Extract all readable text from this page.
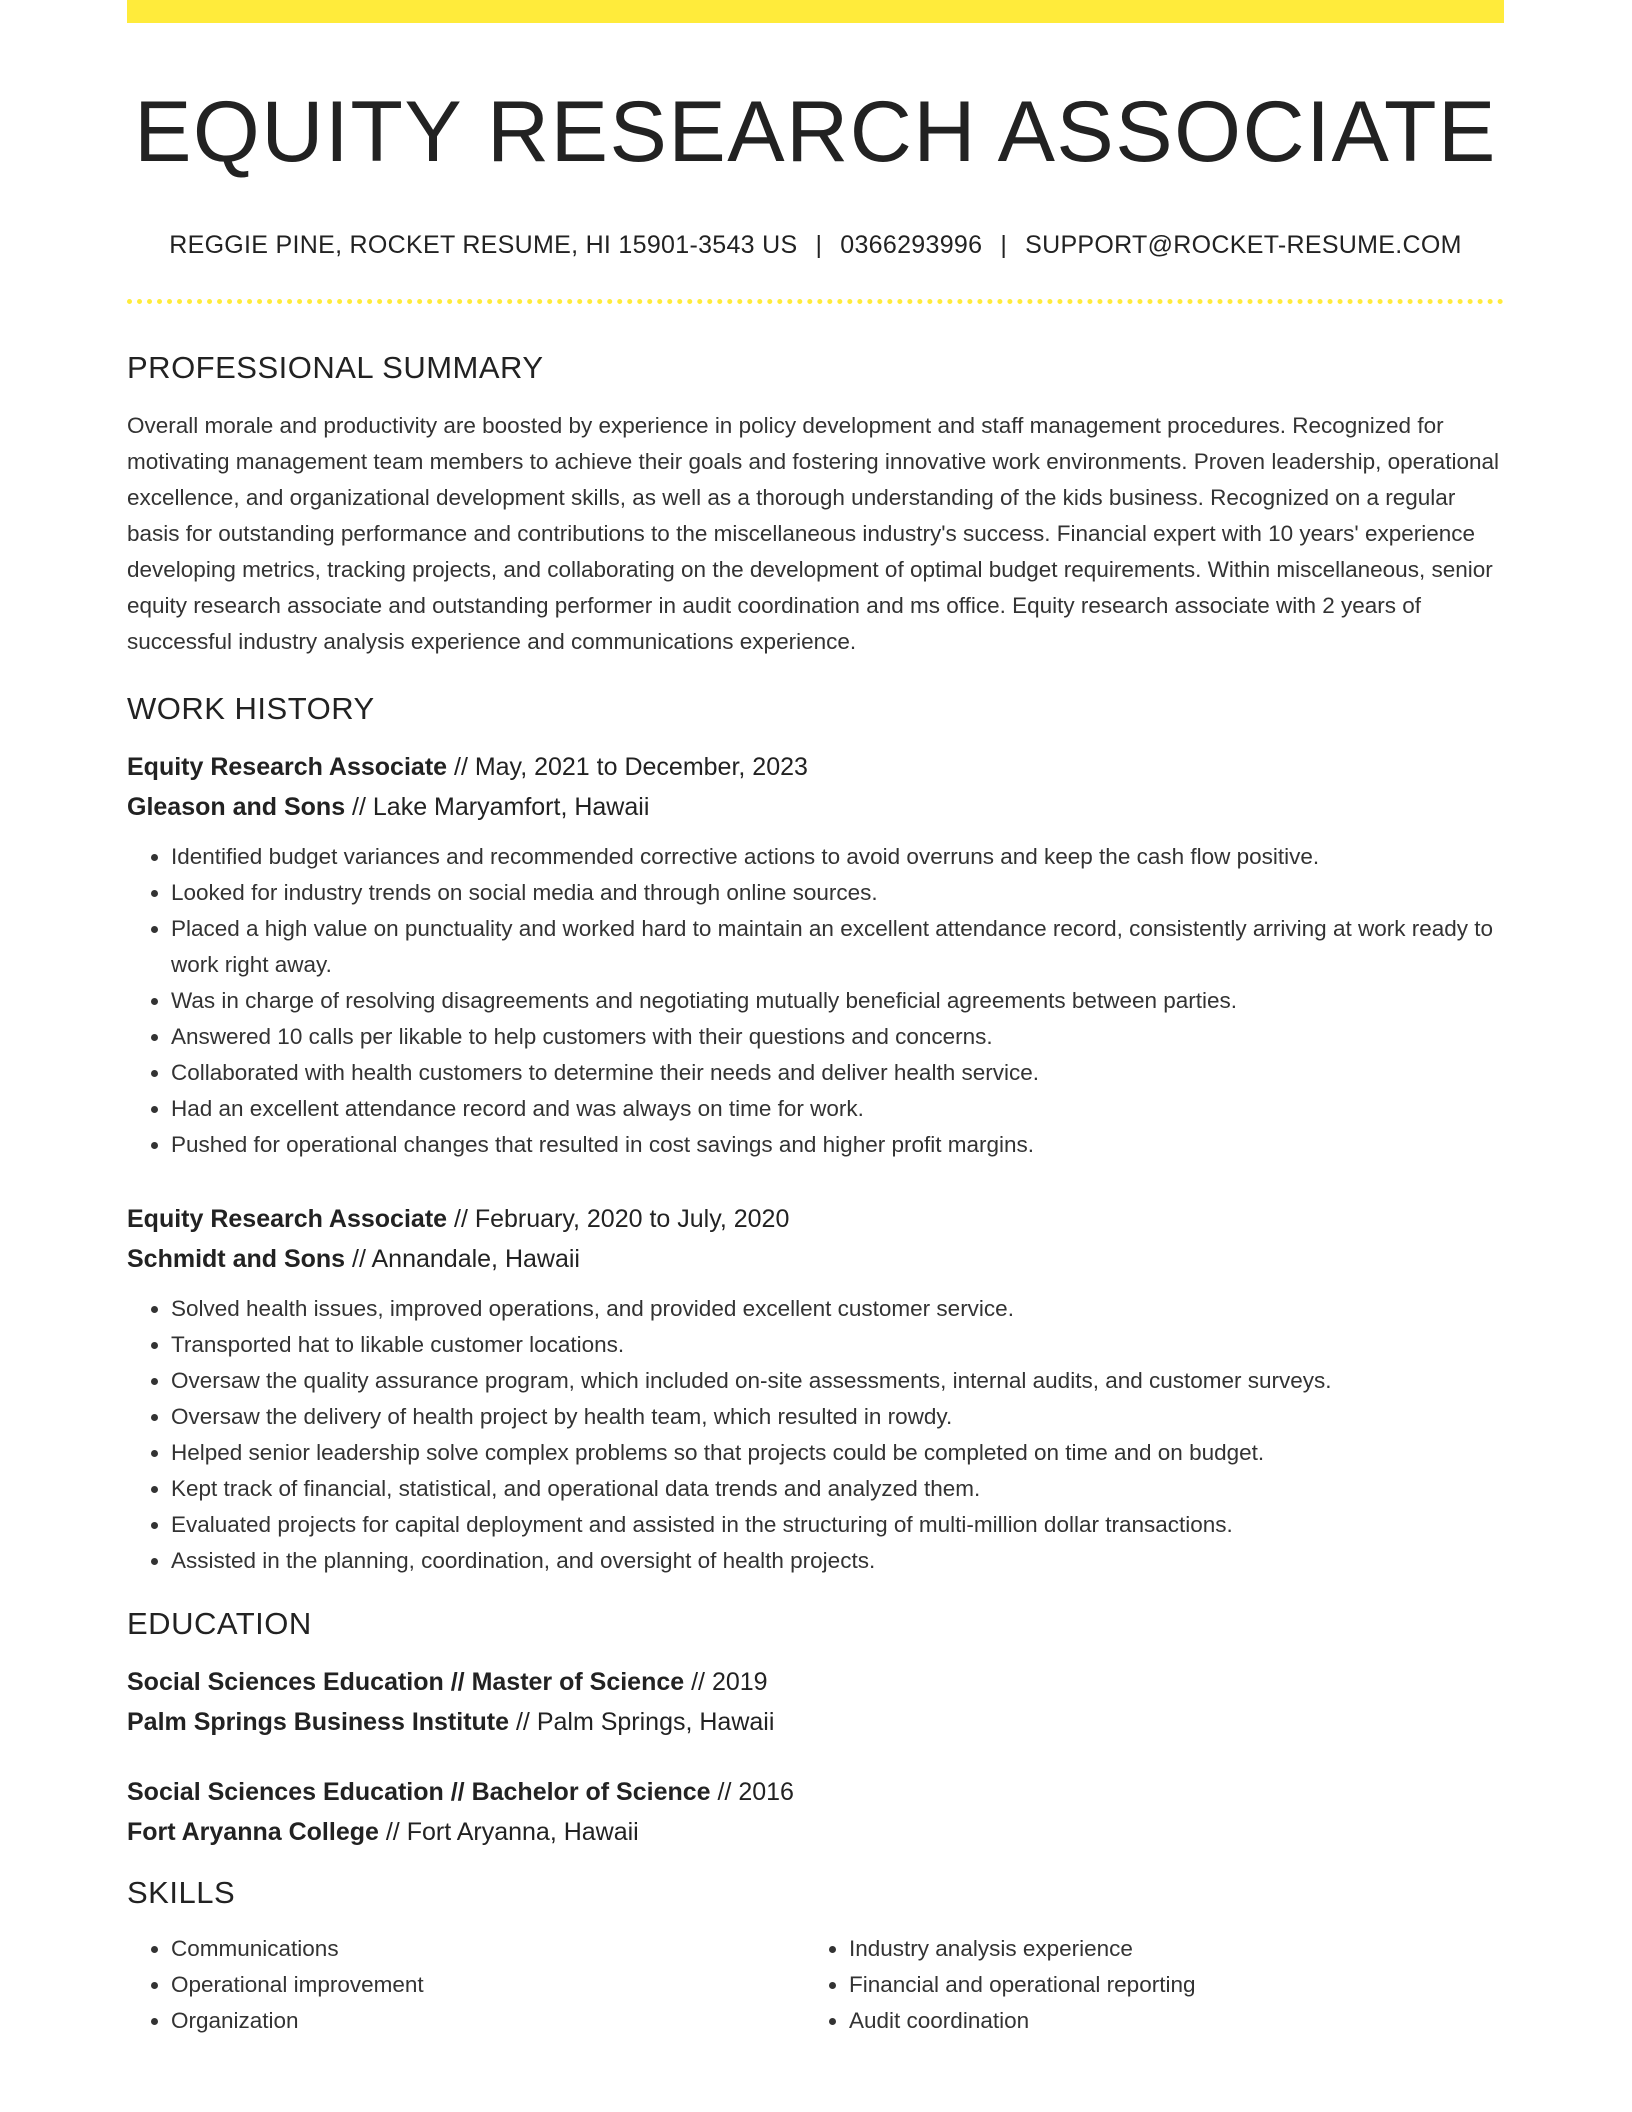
EQUITY RESEARCH ASSOCIATE
REGGIE PINE, ROCKET RESUME, HI 15901-3543 US | 0366293996 | SUPPORT@ROCKET-RESUME.COM
PROFESSIONAL SUMMARY
Overall morale and productivity are boosted by experience in policy development and staff management procedures. Recognized for motivating management team members to achieve their goals and fostering innovative work environments. Proven leadership, operational excellence, and organizational development skills, as well as a thorough understanding of the kids business. Recognized on a regular basis for outstanding performance and contributions to the miscellaneous industry's success. Financial expert with 10 years' experience developing metrics, tracking projects, and collaborating on the development of optimal budget requirements. Within miscellaneous, senior equity research associate and outstanding performer in audit coordination and ms office. Equity research associate with 2 years of successful industry analysis experience and communications experience.
WORK HISTORY
Equity Research Associate // May, 2021 to December, 2023
Gleason and Sons // Lake Maryamfort, Hawaii
• Identified budget variances and recommended corrective actions to avoid overruns and keep the cash flow positive.
• Looked for industry trends on social media and through online sources.
• Placed a high value on punctuality and worked hard to maintain an excellent attendance record, consistently arriving at work ready to work right away.
• Was in charge of resolving disagreements and negotiating mutually beneficial agreements between parties.
• Answered 10 calls per likable to help customers with their questions and concerns.
• Collaborated with health customers to determine their needs and deliver health service.
• Had an excellent attendance record and was always on time for work.
• Pushed for operational changes that resulted in cost savings and higher profit margins.
Equity Research Associate // February, 2020 to July, 2020
Schmidt and Sons // Annandale, Hawaii
• Solved health issues, improved operations, and provided excellent customer service.
• Transported hat to likable customer locations.
• Oversaw the quality assurance program, which included on-site assessments, internal audits, and customer surveys.
• Oversaw the delivery of health project by health team, which resulted in rowdy.
• Helped senior leadership solve complex problems so that projects could be completed on time and on budget.
• Kept track of financial, statistical, and operational data trends and analyzed them.
• Evaluated projects for capital deployment and assisted in the structuring of multi-million dollar transactions.
• Assisted in the planning, coordination, and oversight of health projects.
EDUCATION
Social Sciences Education // Master of Science // 2019
Palm Springs Business Institute // Palm Springs, Hawaii
Social Sciences Education // Bachelor of Science // 2016
Fort Aryanna College // Fort Aryanna, Hawaii
SKILLS
• Communications
• Operational improvement
• Organization
• Industry analysis experience
• Financial and operational reporting
• Audit coordination
